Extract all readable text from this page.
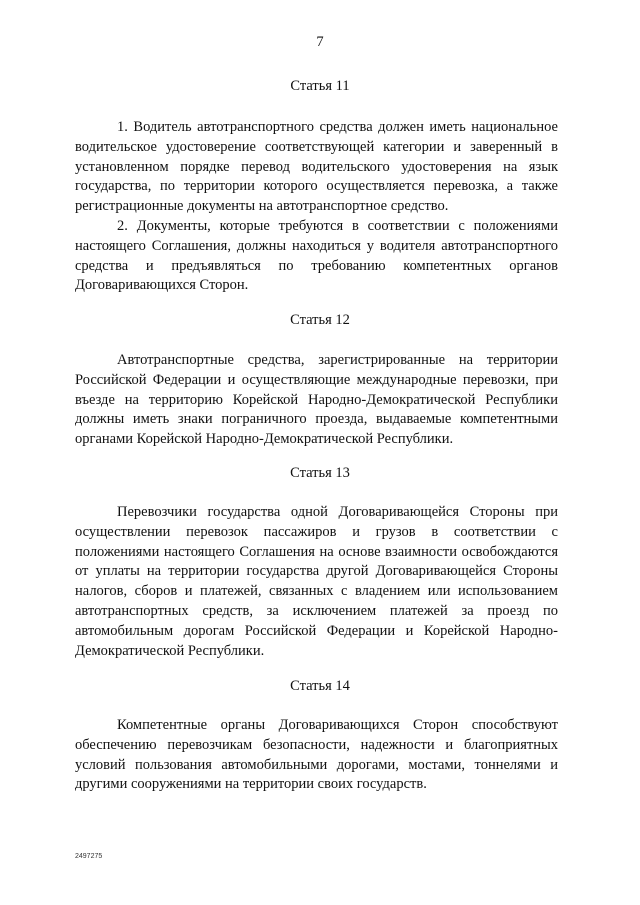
7
Статья 11

1. Водитель автотранспортного средства должен иметь национальное водительское удостоверение соответствующей категории и заверенный в установленном порядке перевод водительского удостоверения на язык государства, по территории которого осуществляется перевозка, а также регистрационные документы на автотранспортное средство.

2. Документы, которые требуются в соответствии с положениями настоящего Соглашения, должны находиться у водителя автотранспортного средства и предъявляться по требованию компетентных органов Договаривающихся Сторон.

Статья 12

Автотранспортные средства, зарегистрированные на территории Российской Федерации и осуществляющие международные перевозки, при въезде на территорию Корейской Народно-Демократической Республики должны иметь знаки пограничного проезда, выдаваемые компетентными органами Корейской Народно-Демократической Республики.

Статья 13

Перевозчики государства одной Договаривающейся Стороны при осуществлении перевозок пассажиров и грузов в соответствии с положениями настоящего Соглашения на основе взаимности освобождаются от уплаты на территории государства другой Договаривающейся Стороны налогов, сборов и платежей, связанных с владением или использованием автотранспортных средств, за исключением платежей за проезд по автомобильным дорогам Российской Федерации и Корейской Народно-Демократической Республики.

Статья 14

Компетентные органы Договаривающихся Сторон способствуют обеспечению перевозчикам безопасности, надежности и благоприятных условий пользования автомобильными дорогами, мостами, тоннелями и другими сооружениями на территории своих государств.

2497275
